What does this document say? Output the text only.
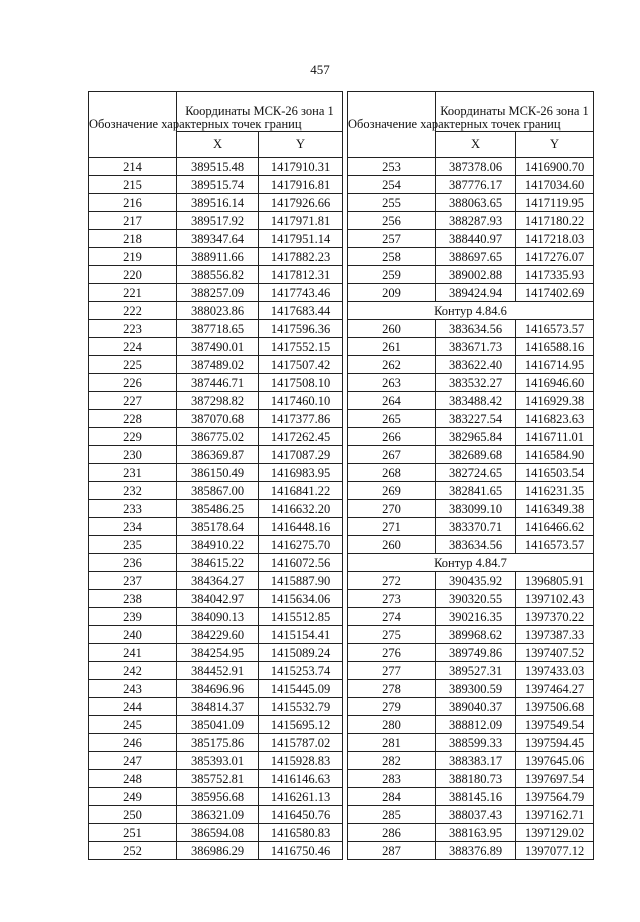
457
Обозначение характерных точек границ	Координаты МСК-26 зона 1	
	X	Y
214	389515.48	1417910.31
215	389515.74	1417916.81
216	389516.14	1417926.66
217	389517.92	1417971.81
218	389347.64	1417951.14
219	388911.66	1417882.23
220	388556.82	1417812.31
221	388257.09	1417743.46
222	388023.86	1417683.44
223	387718.65	1417596.36
224	387490.01	1417552.15
225	387489.02	1417507.42
226	387446.71	1417508.10
227	387298.82	1417460.10
228	387070.68	1417377.86
229	386775.02	1417262.45
230	386369.87	1417087.29
231	386150.49	1416983.95
232	385867.00	1416841.22
233	385486.25	1416632.20
234	385178.64	1416448.16
235	384910.22	1416275.70
236	384615.22	1416072.56
237	384364.27	1415887.90
238	384042.97	1415634.06
239	384090.13	1415512.85
240	384229.60	1415154.41
241	384254.95	1415089.24
242	384452.91	1415253.74
243	384696.96	1415445.09
244	384814.37	1415532.79
245	385041.09	1415695.12
246	385175.86	1415787.02
247	385393.01	1415928.83
248	385752.81	1416146.63
249	385956.68	1416261.13
250	386321.09	1416450.76
251	386594.08	1416580.83
252	386986.29	1416750.46
Обозначение характерных точек границ	Координаты МСК-26 зона 1	
	X	Y
253	387378.06	1416900.70
254	387776.17	1417034.60
255	388063.65	1417119.95
256	388287.93	1417180.22
257	388440.97	1417218.03
258	388697.65	1417276.07
259	389002.88	1417335.93
209	389424.94	1417402.69
Контур 4.84.6		
260	383634.56	1416573.57
261	383671.73	1416588.16
262	383622.40	1416714.95
263	383532.27	1416946.60
264	383488.42	1416929.38
265	383227.54	1416823.63
266	382965.84	1416711.01
267	382689.68	1416584.90
268	382724.65	1416503.54
269	382841.65	1416231.35
270	383099.10	1416349.38
271	383370.71	1416466.62
260	383634.56	1416573.57
Контур 4.84.7		
272	390435.92	1396805.91
273	390320.55	1397102.43
274	390216.35	1397370.22
275	389968.62	1397387.33
276	389749.86	1397407.52
277	389527.31	1397433.03
278	389300.59	1397464.27
279	389040.37	1397506.68
280	388812.09	1397549.54
281	388599.33	1397594.45
282	388383.17	1397645.06
283	388180.73	1397697.54
284	388145.16	1397564.79
285	388037.43	1397162.71
286	388163.95	1397129.02
287	388376.89	1397077.12
